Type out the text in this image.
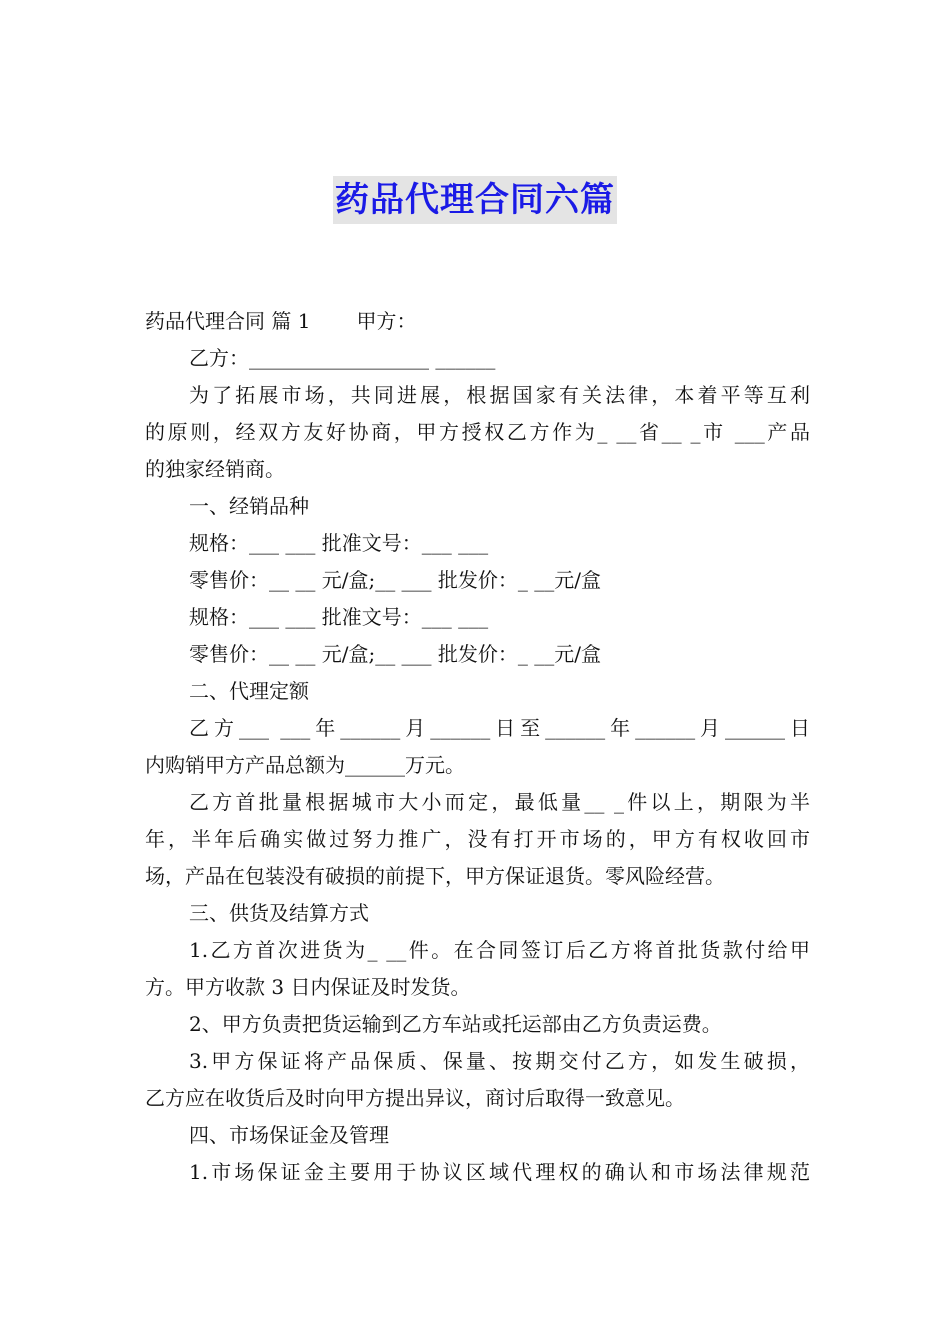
药品代理合同六篇
药品代理合同 篇 1 甲方：
乙方：__________________ ______
为了拓展市场，共同进展，根据国家有关法律，本着平等互利
的原则，经双方友好协商，甲方授权乙方作为_ __省__ _市 ___产品
的独家经销商。
一、经销品种
规格：___ ___ 批准文号：___ ___
零售价：__ __ 元/盒;__ ___ 批发价：_ __元/盒
规格：___ ___ 批准文号：___ ___
零售价：__ __ 元/盒;__ ___ 批发价：_ __元/盒
二、代理定额
乙方___ ___年______月______日至______年______月______日
内购销甲方产品总额为______万元。
乙方首批量根据城市大小而定，最低量__ _件以上，期限为半
年，半年后确实做过努力推广，没有打开市场的，甲方有权收回市
场，产品在包装没有破损的前提下，甲方保证退货。零风险经营。
三、供货及结算方式
1.乙方首次进货为_ __件。在合同签订后乙方将首批货款付给甲
方。甲方收款 3 日内保证及时发货。
2、甲方负责把货运输到乙方车站或托运部由乙方负责运费。
3.甲方保证将产品保质、保量、按期交付乙方，如发生破损，
乙方应在收货后及时向甲方提出异议，商讨后取得一致意见。
四、市场保证金及管理
1.市场保证金主要用于协议区域代理权的确认和市场法律规范
